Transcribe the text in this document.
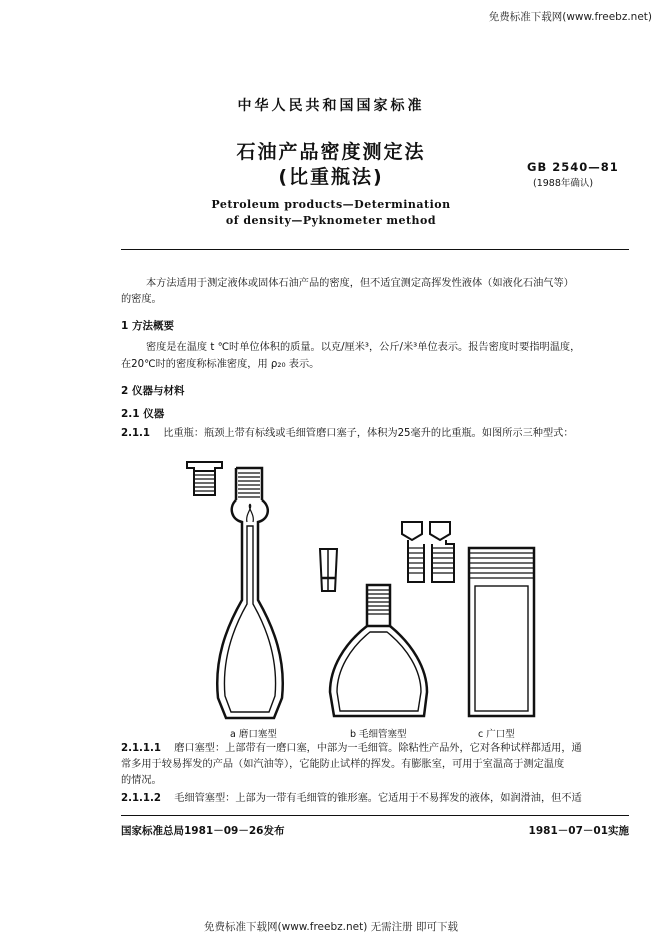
免费标准下载网(www.freebz.net)
中华人民共和国国家标准
石油产品密度测定法
(比重瓶法)	GB 2540—81
(1988年确认)
Petroleum products—Determination
of density—Pyknometer method
本方法适用于测定液体或固体石油产品的密度，但不适宜测定高挥发性液体（如液化石油气等）
的密度。
1 方法概要
密度是在温度 t ℃时单位体积的质量。以克/厘米³，公斤/米³单位表示。报告密度时要指明温度，
在20℃时的密度称标准密度，用 ρ₂₀ 表示。
2 仪器与材料
2.1 仪器
2.1.1 比重瓶：瓶颈上带有标线或毛细管磨口塞子，体积为25毫升的比重瓶。如图所示三种型式：
a 磨口塞型	b 毛细管塞型	c 广口型
2.1.1.1 磨口塞型：上部带有一磨口塞，中部为一毛细管。除粘性产品外，它对各种试样都适用，通
常多用于较易挥发的产品（如汽油等），它能防止试样的挥发。有膨胀室，可用于室温高于测定温度
的情况。
2.1.1.2 毛细管塞型：上部为一带有毛细管的锥形塞。它适用于不易挥发的液体，如润滑油，但不适
国家标准总局1981－09－26发布	1981－07－01实施
免费标准下载网(www.freebz.net) 无需注册 即可下载
